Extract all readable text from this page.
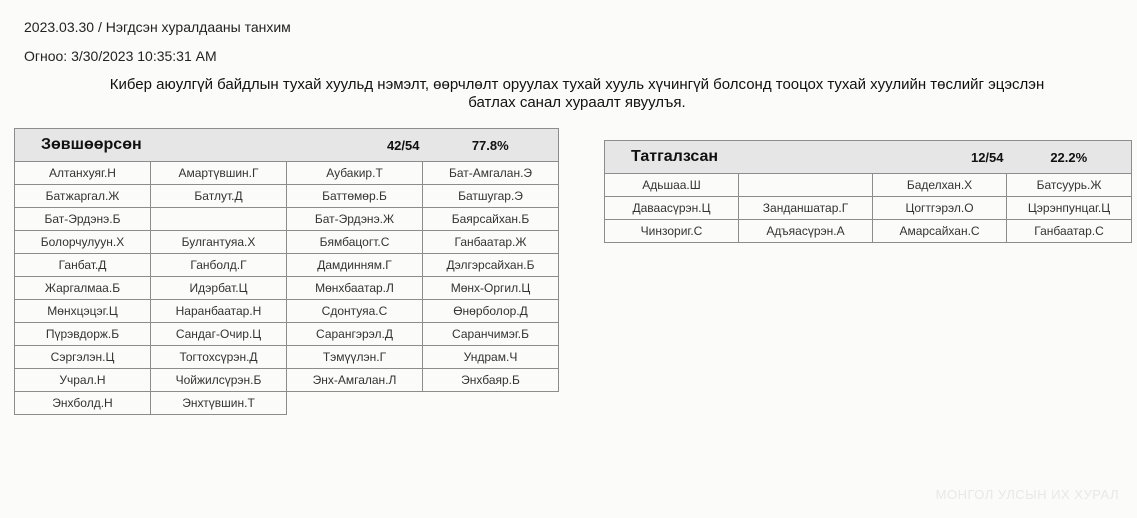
2023.03.30 / Нэгдсэн хуралдааны танхим
Огноо: 3/30/2023 10:35:31 AM
Кибер аюулгүй байдлын тухай хуульд нэмэлт, өөрчлөлт оруулах тухай хууль хүчингүй болсонд тооцох тухай хуулийн төслийг эцэслэн
батлах санал хураалт явуулъя.
Зөвшөөрсөн		42/54	77.8%
Алтанхуяг.Н	Амартүвшин.Г	Аубакир.Т	Бат-Амгалан.Э
Батжаргал.Ж	Батлут.Д	Баттөмөр.Б	Батшугар.Э
Бат-Эрдэнэ.Б		Бат-Эрдэнэ.Ж	Баярсайхан.Б
Болорчулуун.Х	Булгантуяа.Х	Бямбацогт.С	Ганбаатар.Ж
Ганбат.Д	Ганболд.Г	Дамдинням.Г	Дэлгэрсайхан.Б
Жаргалмаа.Б	Идэрбат.Ц	Мөнхбаатар.Л	Мөнх-Оргил.Ц
Мөнхцэцэг.Ц	Наранбаатар.Н	Сдонтуяа.С	Өнөрболор.Д
Пүрэвдорж.Б	Сандаг-Очир.Ц	Сарангэрэл.Д	Саранчимэг.Б
Сэргэлэн.Ц	Тогтохсүрэн.Д	Тэмүүлэн.Г	Ундрам.Ч
Учрал.Н	Чойжилсүрэн.Б	Энх-Амгалан.Л	Энхбаяр.Б
Энхболд.Н	Энхтүвшин.Т		
Татгалзсан		12/54	22.2%
Адьшаа.Ш		Баделхан.Х	Батсуурь.Ж
Даваасүрэн.Ц	Занданшатар.Г	Цогтгэрэл.О	Цэрэнпунцаг.Ц
Чинзориг.С	Адъяасүрэн.А	Амарсайхан.С	Ганбаатар.С
МОНГОЛ УЛСЫН ИХ ХУРАЛ
